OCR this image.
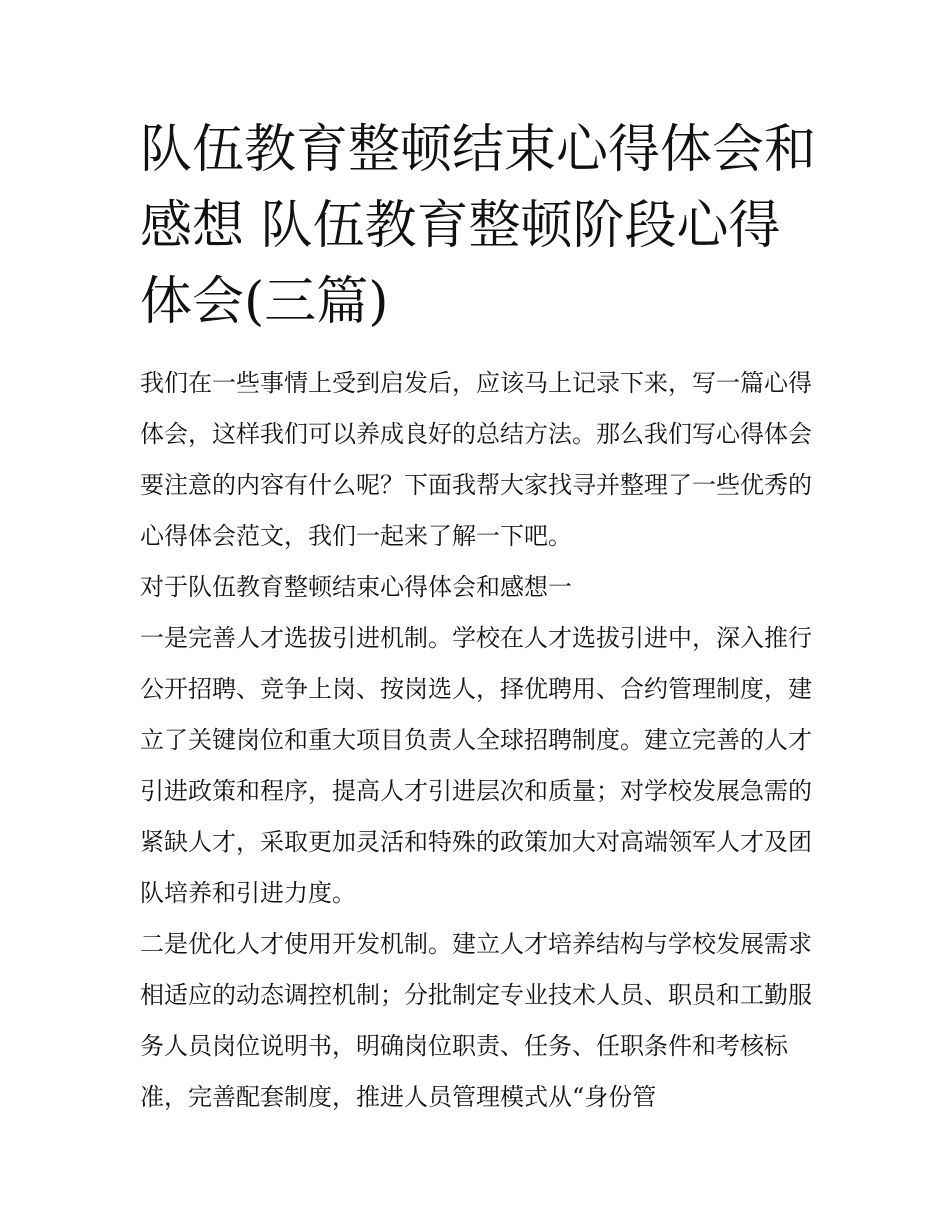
队伍教育整顿结束心得体会和感想 队伍教育整顿阶段心得体会(三篇)

我们在一些事情上受到启发后，应该马上记录下来，写一篇心得体会，这样我们可以养成良好的总结方法。那么我们写心得体会要注意的内容有什么呢？下面我帮大家找寻并整理了一些优秀的心得体会范文，我们一起来了解一下吧。

对于队伍教育整顿结束心得体会和感想一

一是完善人才选拔引进机制。学校在人才选拔引进中，深入推行公开招聘、竞争上岗、按岗选人，择优聘用、合约管理制度，建立了关键岗位和重大项目负责人全球招聘制度。建立完善的人才引进政策和程序，提高人才引进层次和质量；对学校发展急需的紧缺人才，采取更加灵活和特殊的政策加大对高端领军人才及团队培养和引进力度。

二是优化人才使用开发机制。建立人才培养结构与学校发展需求相适应的动态调控机制；分批制定专业技术人员、职员和工勤服务人员岗位说明书，明确岗位职责、任务、任职条件和考核标准，完善配套制度，推进人员管理模式从“身份管
